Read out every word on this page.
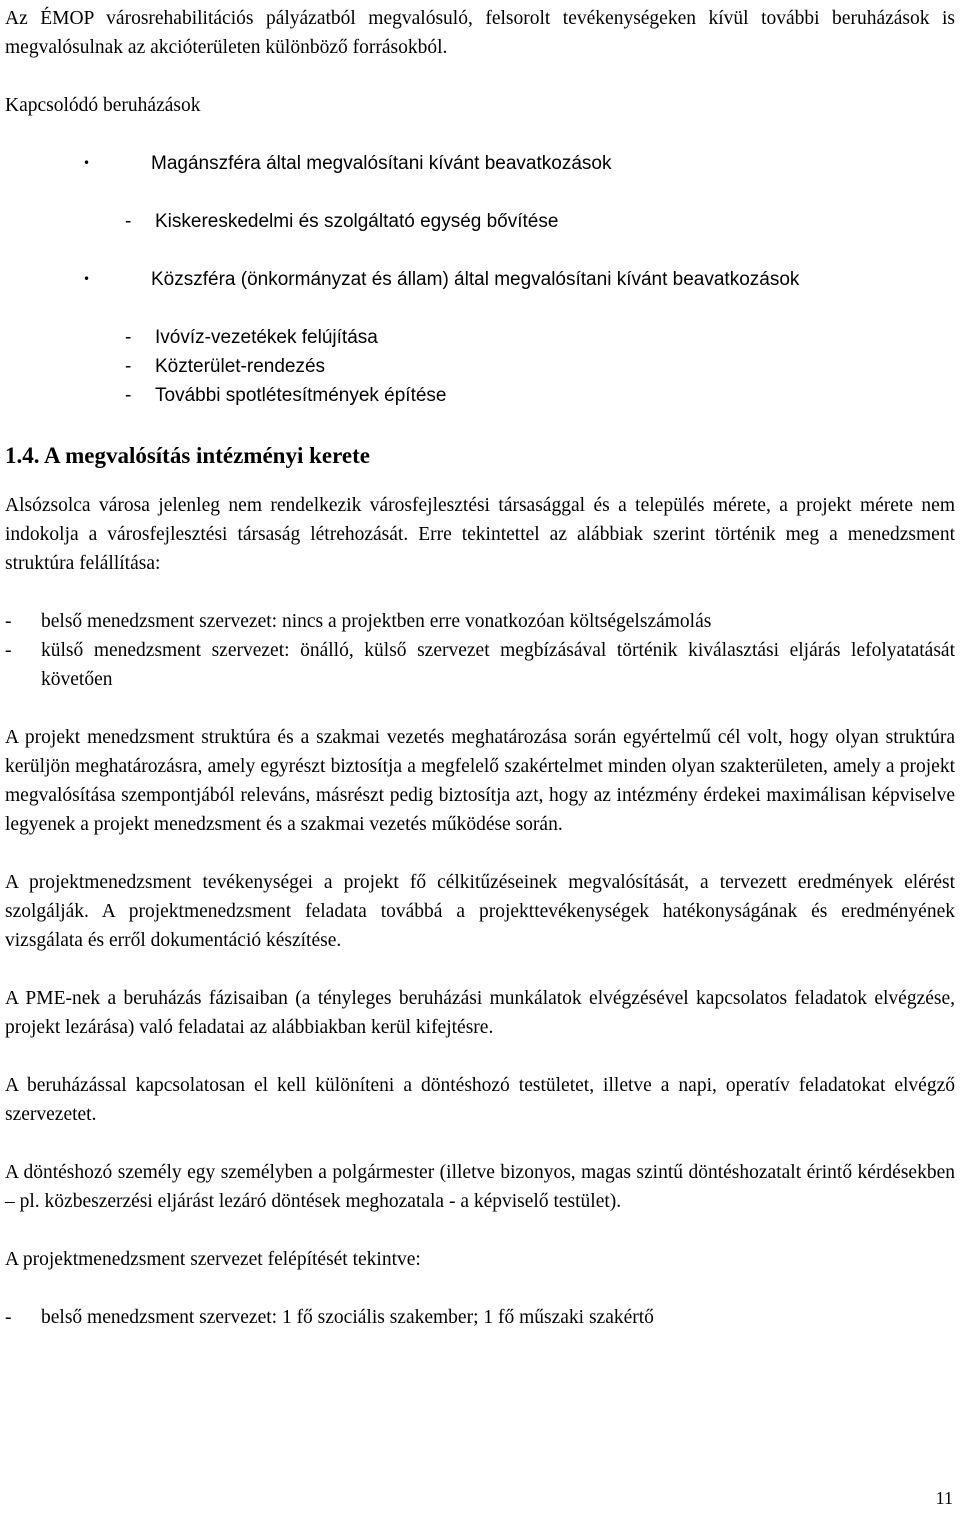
Az ÉMOP városrehabilitációs pályázatból megvalósuló, felsorolt tevékenységeken kívül további beruházások is megvalósulnak az akcióterületen különböző forrásokból.

Kapcsolódó beruházások

•	Magánszféra által megvalósítani kívánt beavatkozások
- Kiskereskedelmi és szolgáltató egység bővítése
•	Közszféra (önkormányzat és állam) által megvalósítani kívánt beavatkozások
- Ivóvíz-vezetékek felújítása
- Közterület-rendezés
- További spotlétesítmények építése
1.4. A megvalósítás intézményi kerete

Alsózsolca városa jelenleg nem rendelkezik városfejlesztési társasággal és a település mérete, a projekt mérete nem indokolja a városfejlesztési társaság létrehozását. Erre tekintettel az alábbiak szerint történik meg a menedzsment struktúra felállítása:

- belső menedzsment szervezet: nincs a projektben erre vonatkozóan költségelszámolás
- külső menedzsment szervezet: önálló, külső szervezet megbízásával történik kiválasztási eljárás lefolyatatását követően

A projekt menedzsment struktúra és a szakmai vezetés meghatározása során egyértelmű cél volt, hogy olyan struktúra kerüljön meghatározásra, amely egyrészt biztosítja a megfelelő szakértelmet minden olyan szakterületen, amely a projekt megvalósítása szempontjából releváns, másrészt pedig biztosítja azt, hogy az intézmény érdekei maximálisan képviselve legyenek a projekt menedzsment és a szakmai vezetés működése során.

A projektmenedzsment tevékenységei a projekt fő célkitűzéseinek megvalósítását, a tervezett eredmények elérést szolgálják. A projektmenedzsment feladata továbbá a projekttevékenységek hatékonyságának és eredményének vizsgálata és erről dokumentáció készítése.

A PME-nek a beruházás fázisaiban (a tényleges beruházási munkálatok elvégzésével kapcsolatos feladatok elvégzése, projekt lezárása) való feladatai az alábbiakban kerül kifejtésre.

A beruházással kapcsolatosan el kell különíteni a döntéshozó testületet, illetve a napi, operatív feladatokat elvégző szervezetet.

A döntéshozó személy egy személyben a polgármester (illetve bizonyos, magas szintű döntéshozatalt érintő kérdésekben – pl. közbeszerzési eljárást lezáró döntések meghozatala - a képviselő testület).

A projektmenedzsment szervezet felépítését tekintve:

- belső menedzsment szervezet: 1 fő szociális szakember; 1 fő műszaki szakértő
11
